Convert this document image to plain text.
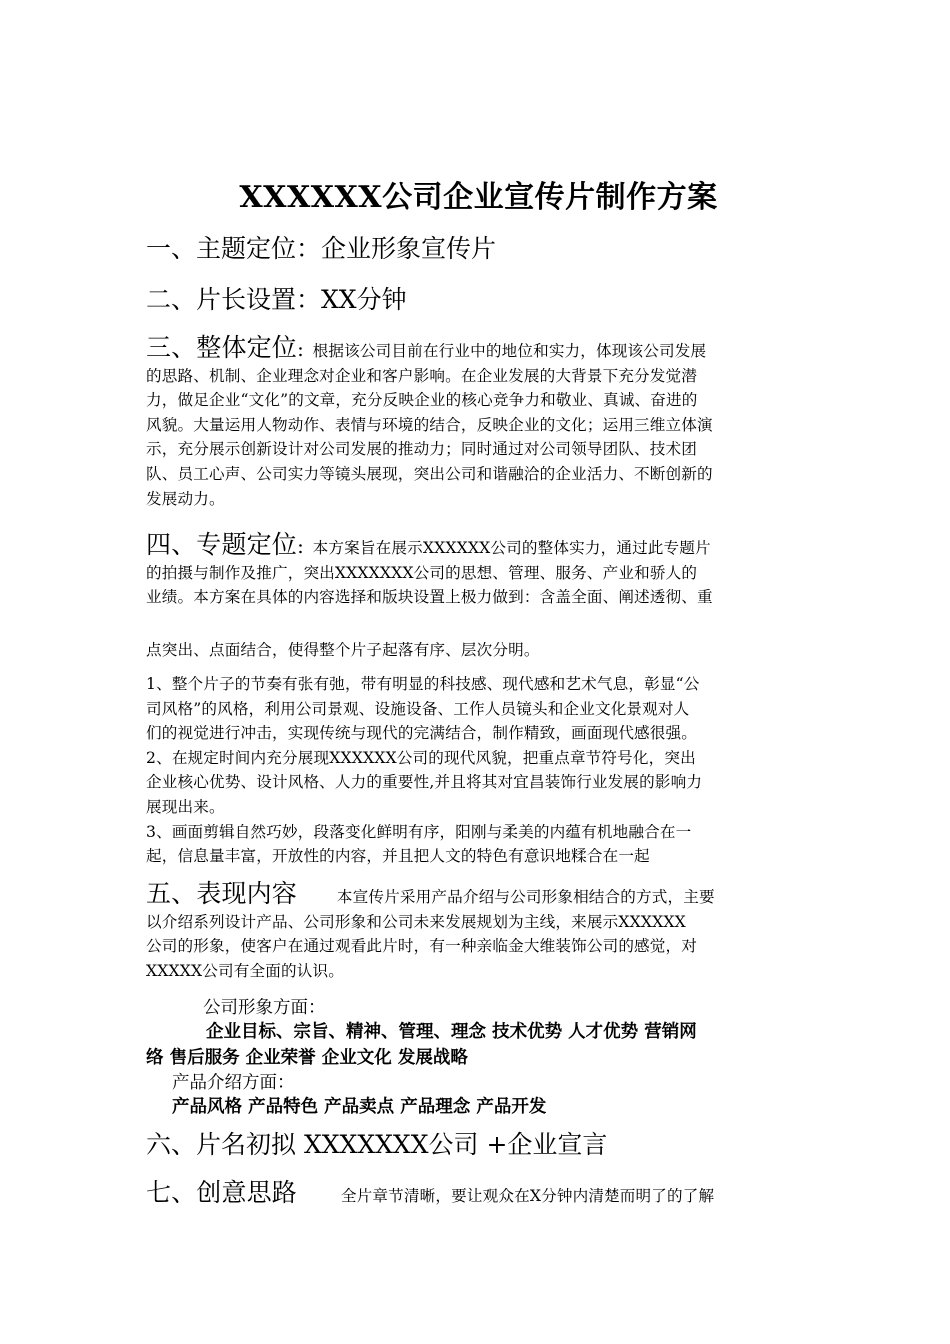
XXXXXX公司企业宣传片制作方案
一、主题定位：企业形象宣传片
二、片长设置：XX分钟
三、整体定位：根据该公司目前在行业中的地位和实力，体现该公司发展
的思路、机制、企业理念对企业和客户影响。在企业发展的大背景下充分发觉潜
力，做足企业“文化”的文章，充分反映企业的核心竞争力和敬业、真诚、奋进的
风貌。大量运用人物动作、表情与环境的结合，反映企业的文化；运用三维立体演
示，充分展示创新设计对公司发展的推动力；同时通过对公司领导团队、技术团
队、员工心声、公司实力等镜头展现，突出公司和谐融洽的企业活力、不断创新的
发展动力。
四、专题定位：本方案旨在展示XXXXXX公司的整体实力，通过此专题片
的拍摄与制作及推广，突出XXXXXXX公司的思想、管理、服务、产业和骄人的
业绩。本方案在具体的内容选择和版块设置上极力做到：含盖全面、阐述透彻、重
点突出、点面结合，使得整个片子起落有序、层次分明。
1、整个片子的节奏有张有弛，带有明显的科技感、现代感和艺术气息，彰显“公
司风格”的风格，利用公司景观、设施设备、工作人员镜头和企业文化景观对人
们的视觉进行冲击，实现传统与现代的完满结合，制作精致，画面现代感很强。
2、在规定时间内充分展现XXXXXX公司的现代风貌，把重点章节符号化，突出
企业核心优势、设计风格、人力的重要性,并且将其对宜昌装饰行业发展的影响力
展现出来。
3、画面剪辑自然巧妙，段落变化鲜明有序，阳刚与柔美的内蕴有机地融合在一
起，信息量丰富，开放性的内容，并且把人文的特色有意识地糅合在一起
五、表现内容	本宣传片采用产品介绍与公司形象相结合的方式，主要
以介绍系列设计产品、公司形象和公司未来发展规划为主线，来展示XXXXXX
公司的形象，使客户在通过观看此片时，有一种亲临金大维装饰公司的感觉，对
XXXXX公司有全面的认识。
公司形象方面：
企业目标、宗旨、精神、管理、理念 技术优势 人才优势 营销网
络 售后服务 企业荣誉 企业文化 发展战略
产品介绍方面：
产品风格 产品特色 产品卖点 产品理念 产品开发
六、片名初拟 XXXXXXX公司 +企业宣言
七、创意思路	全片章节清晰，要让观众在X分钟内清楚而明了的了解
